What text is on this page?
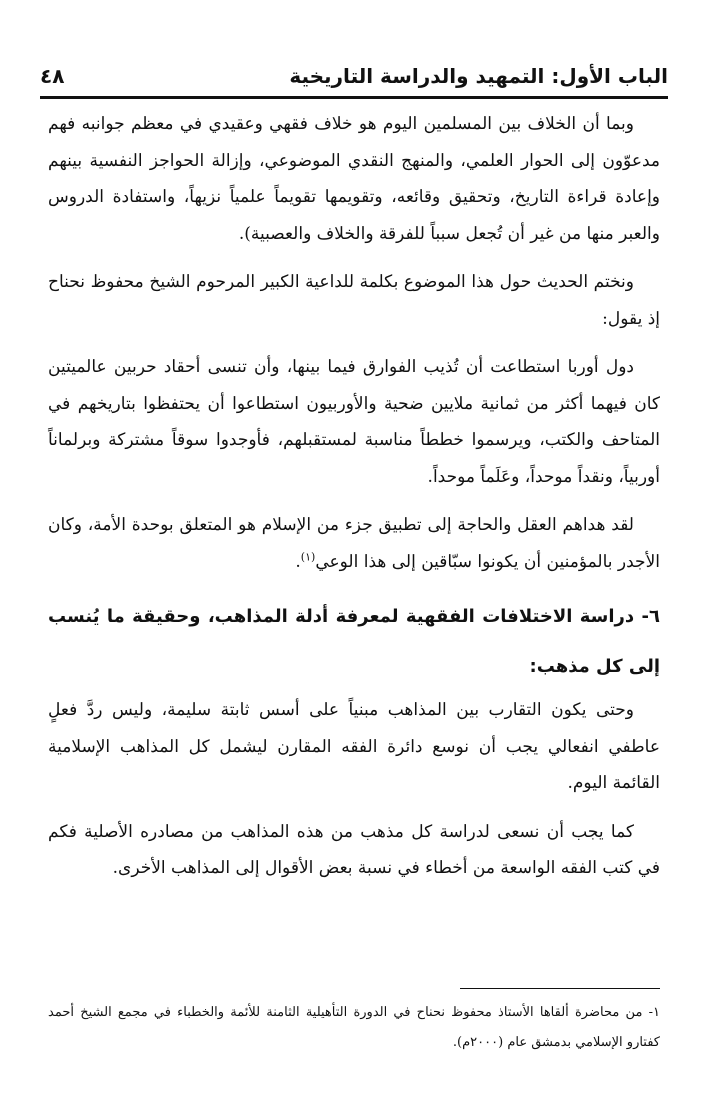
الباب الأول: التمهيد والدراسة التاريخية
٤٨

وبما أن الخلاف بين المسلمين اليوم هو خلاف فقهي وعقيدي في معظم جوانبه فهم مدعوّون إلى الحوار العلمي، والمنهج النقدي الموضوعي، وإزالة الحواجز النفسية بينهم وإعادة قراءة التاريخ، وتحقيق وقائعه، وتقويمها تقويماً علمياً نزيهاً، واستفادة الدروس والعبر منها من غير أن تُجعل سبباً للفرقة والخلاف والعصبية).

ونختم الحديث حول هذا الموضوع بكلمة للداعية الكبير المرحوم الشيخ محفوظ نحناح إذ يقول:

دول أوربا استطاعت أن تُذيب الفوارق فيما بينها، وأن تنسى أحقاد حربين عالميتين كان فيهما أكثر من ثمانية ملايين ضحية والأوربيون استطاعوا أن يحتفظوا بتاريخهم في المتاحف والكتب، ويرسموا خططاً مناسبة لمستقبلهم، فأوجدوا سوقاً مشتركة وبرلماناً أوربياً، ونقداً موحداً، وعَلَماً موحداً.

لقد هداهم العقل والحاجة إلى تطبيق جزء من الإسلام هو المتعلق بوحدة الأمة، وكان الأجدر بالمؤمنين أن يكونوا سبّاقين إلى هذا الوعي$^{(١)}$.

٦- دراسة الاختلافات الفقهية لمعرفة أدلة المذاهب، وحقيقة ما يُنسب إلى كل مذهب:

وحتى يكون التقارب بين المذاهب مبنياً على أسس ثابتة سليمة، وليس ردَّ فعلٍ عاطفي انفعالي يجب أن نوسع دائرة الفقه المقارن ليشمل كل المذاهب الإسلامية القائمة اليوم.

كما يجب أن نسعى لدراسة كل مذهب من هذه المذاهب من مصادره الأصلية فكم في كتب الفقه الواسعة من أخطاء في نسبة بعض الأقوال إلى المذاهب الأخرى.

١- من محاضرة ألقاها الأستاذ محفوظ نحناح في الدورة التأهيلية الثامنة للأئمة والخطباء في مجمع الشيخ أحمد كفتارو الإسلامي بدمشق عام (٢٠٠٠م).
